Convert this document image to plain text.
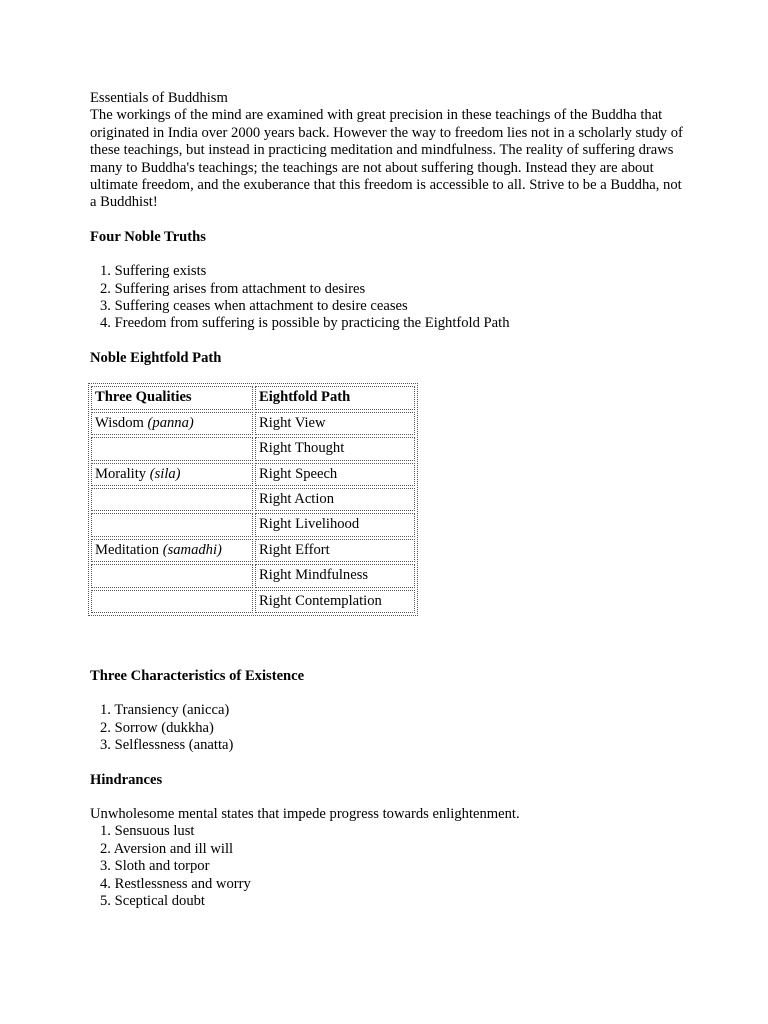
Essentials of Buddhism
The workings of the mind are examined with great precision in these teachings of the Buddha that originated in India over 2000 years back. However the way to freedom lies not in a scholarly study of these teachings, but instead in practicing meditation and mindfulness. The reality of suffering draws many to Buddha's teachings; the teachings are not about suffering though. Instead they are about ultimate freedom, and the exuberance that this freedom is accessible to all. Strive to be a Buddha, not a Buddhist!
Four Noble Truths
1. Suffering exists
2. Suffering arises from attachment to desires
3. Suffering ceases when attachment to desire ceases
4. Freedom from suffering is possible by practicing the Eightfold Path
Noble Eightfold Path
Three Qualities	Eightfold Path
Wisdom (panna)	Right View
	Right Thought
Morality (sila)	Right Speech
	Right Action
	Right Livelihood
Meditation (samadhi)	Right Effort
	Right Mindfulness
	Right Contemplation
Three Characteristics of Existence
1. Transiency (anicca)
2. Sorrow (dukkha)
3. Selflessness (anatta)
Hindrances
Unwholesome mental states that impede progress towards enlightenment.
1. Sensuous lust
2. Aversion and ill will
3. Sloth and torpor
4. Restlessness and worry
5. Sceptical doubt
